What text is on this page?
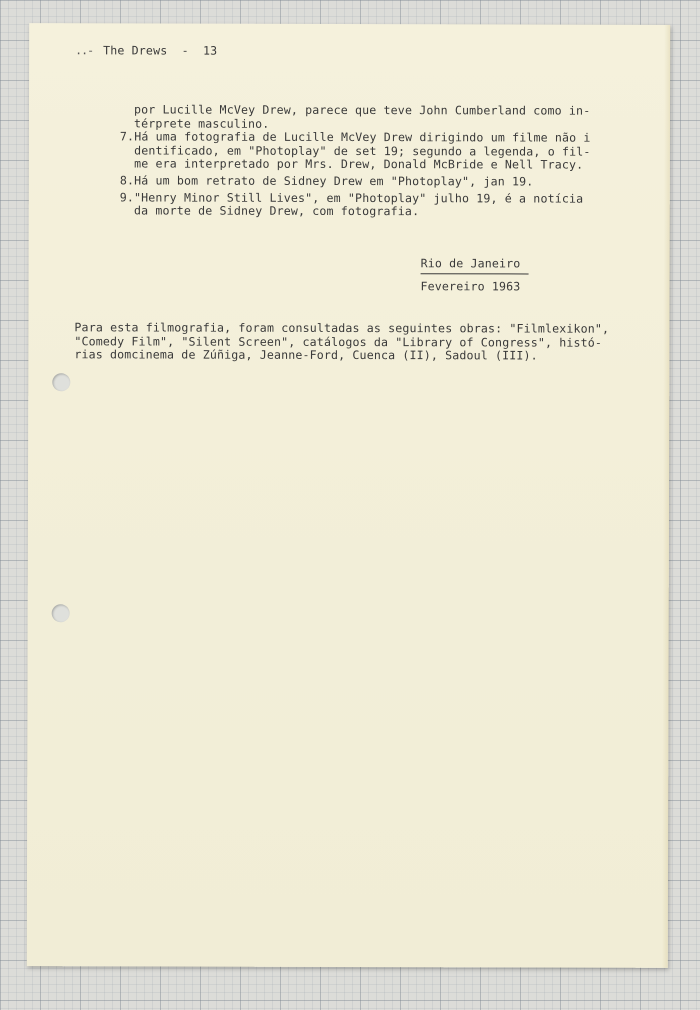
..- The Drews  -  13
por Lucille McVey Drew, parece que teve John Cumberland como in-
térprete masculino.
7.Há uma fotografia de Lucille McVey Drew dirigindo um filme não i
dentificado, em "Photoplay" de set 19; segundo a legenda, o fil-
me era interpretado por Mrs. Drew, Donald McBride e Nell Tracy.
8.Há um bom retrato de Sidney Drew em "Photoplay", jan 19.
9."Henry Minor Still Lives", em "Photoplay" julho 19, é a notícia
da morte de Sidney Drew, com fotografia.
Rio de Janeiro
Fevereiro 1963
Para esta filmografia, foram consultadas as seguintes obras: "Filmlexikon",
"Comedy Film", "Silent Screen", catálogos da "Library of Congress", histó-
rias domcinema de Zúñiga, Jeanne-Ford, Cuenca (II), Sadoul (III).
